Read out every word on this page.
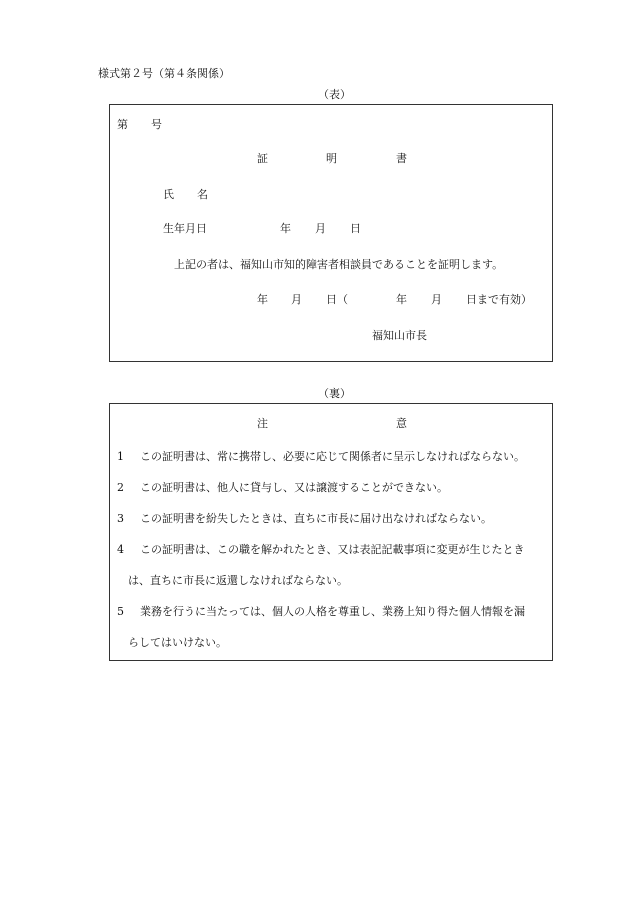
様式第２号（第４条関係）
（表）
第 号
証	明	書
氏 名
生年月日	年 月 日
上記の者は、福知山市知的障害者相談員であることを証明します。
年 月 日（	年 月 日まで有効）
福知山市長
（裏）
注	意
1 この証明書は、常に携帯し、必要に応じて関係者に呈示しなければならない。
2 この証明書は、他人に貸与し、又は譲渡することができない。
3 この証明書を紛失したときは、直ちに市長に届け出なければならない。
4 この証明書は、この職を解かれたとき、又は表記記載事項に変更が生じたとき
は、直ちに市長に返還しなければならない。
5 業務を行うに当たっては、個人の人格を尊重し、業務上知り得た個人情報を漏
らしてはいけない。
